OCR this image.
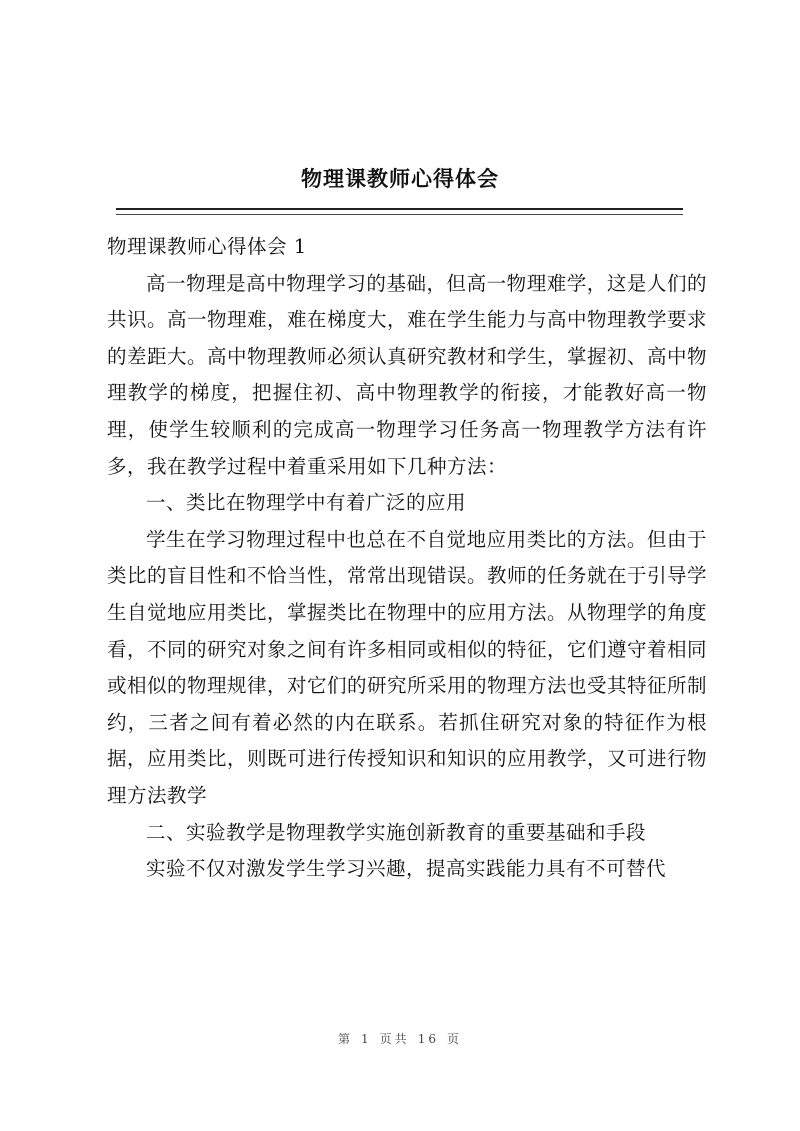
物理课教师心得体会

物理课教师心得体会 1

高一物理是高中物理学习的基础，但高一物理难学，这是人们的共识。高一物理难，难在梯度大，难在学生能力与高中物理教学要求的差距大。高中物理教师必须认真研究教材和学生，掌握初、高中物理教学的梯度，把握住初、高中物理教学的衔接，才能教好高一物理，使学生较顺利的完成高一物理学习任务高一物理教学方法有许多，我在教学过程中着重采用如下几种方法：

一、类比在物理学中有着广泛的应用

学生在学习物理过程中也总在不自觉地应用类比的方法。但由于类比的盲目性和不恰当性，常常出现错误。教师的任务就在于引导学生自觉地应用类比，掌握类比在物理中的应用方法。从物理学的角度看，不同的研究对象之间有许多相同或相似的特征，它们遵守着相同或相似的物理规律，对它们的研究所采用的物理方法也受其特征所制约，三者之间有着必然的内在联系。若抓住研究对象的特征作为根据，应用类比，则既可进行传授知识和知识的应用教学，又可进行物理方法教学

二、实验教学是物理教学实施创新教育的重要基础和手段

实验不仅对激发学生学习兴趣，提高实践能力具有不可替代

第 1 页共 16 页
